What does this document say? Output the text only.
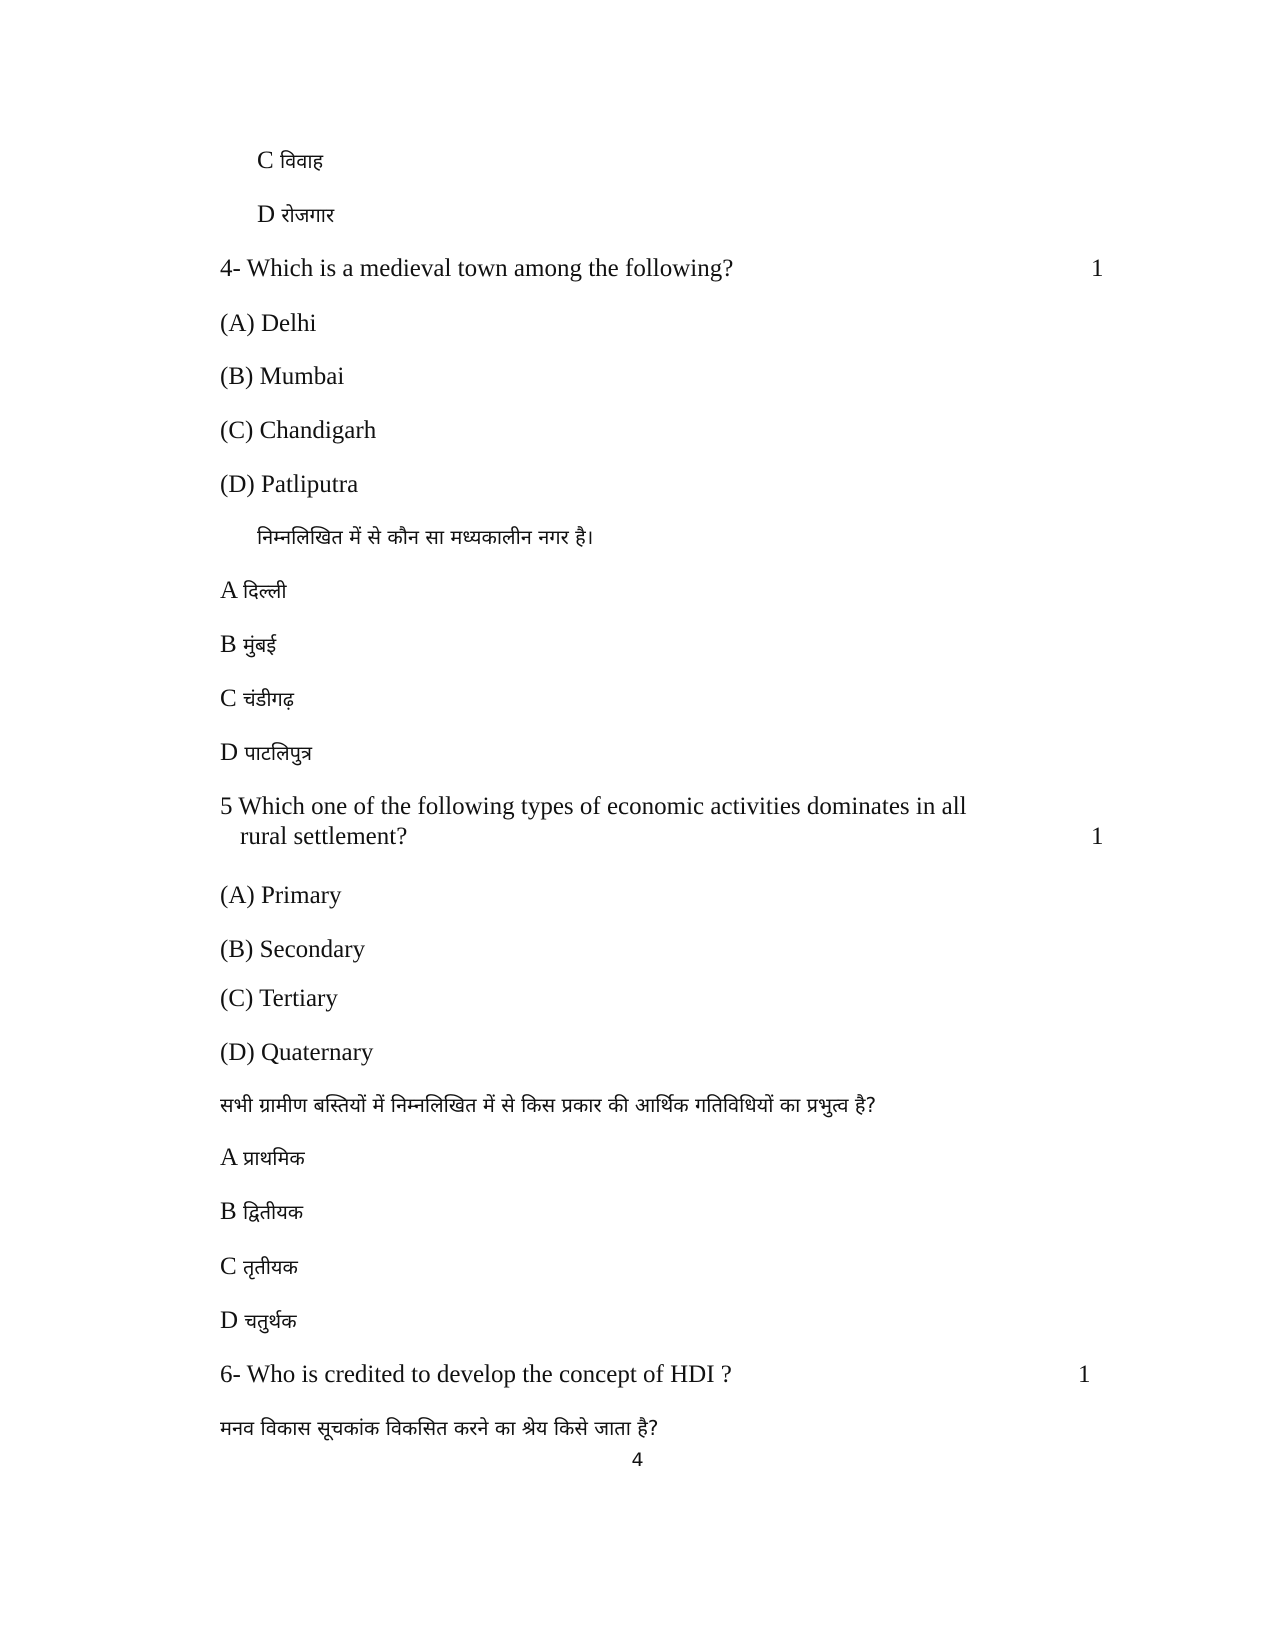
C विवाह
D रोजगार
4- Which is a medieval town among the following?	1
(A) Delhi
(B) Mumbai
(C) Chandigarh
(D) Patliputra
निम्नलिखित में से कौन सा मध्यकालीन नगर है।
A दिल्ली
B मुंबई
C चंडीगढ़
D पाटलिपुत्र
5 Which one of the following types of economic activities dominates in all
rural settlement?	1
(A) Primary
(B) Secondary
(C) Tertiary
(D) Quaternary
सभी ग्रामीण बस्तियों में निम्नलिखित में से किस प्रकार की आर्थिक गतिविधियों का प्रभुत्व है?
A प्राथमिक
B द्वितीयक
C तृतीयक
D चतुर्थक
6- Who is credited to develop the concept of HDI ?	1
मनव विकास सूचकांक विकसित करने का श्रेय किसे जाता है?
4
